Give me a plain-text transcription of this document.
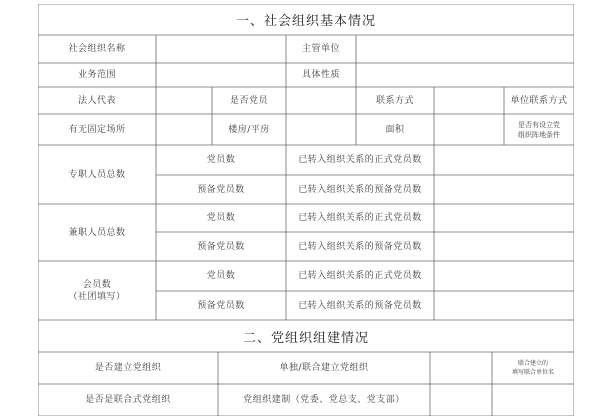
一、社会组织基本情况
社会组织名称	主管单位
业务范围	具体性质
法人代表	是否党员	联系方式	单位联系方式
有无固定场所	楼房/平房	面积	是否有设立党
组织阵地条件
专职人员总数
党员数	已转入组织关系的正式党员数
预备党员数	已转入组织关系的预备党员数
兼职人员总数
党员数	已转入组织关系的正式党员数
预备党员数	已转入组织关系的预备党员数
会员数
（社团填写）
党员数	已转入组织关系的正式党员数
预备党员数	已转入组织关系的预备党员数
二、党组织组建情况
是否建立党组织	单独/联合建立党组织	联合建立的
填写联合单位名
是否是联合式党组织	党组织建制（党委、党总支、党支部）
